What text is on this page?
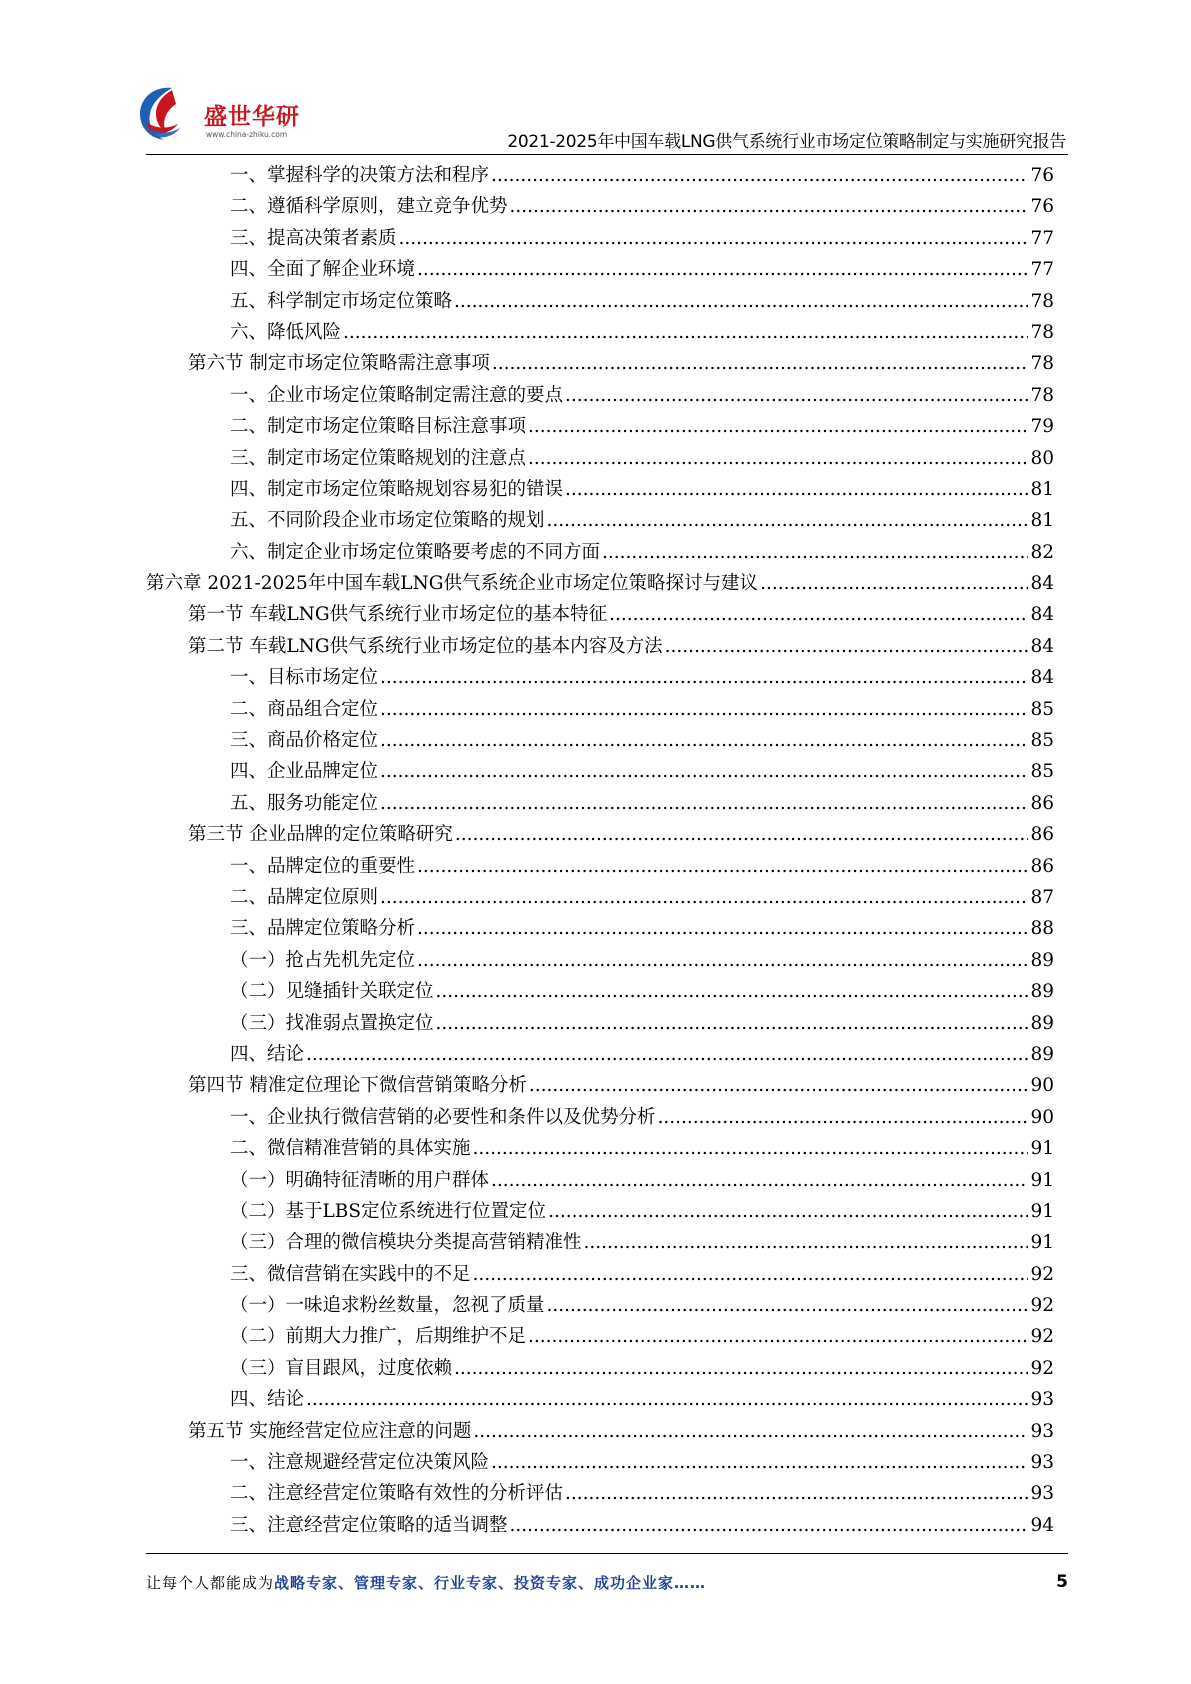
盛世华研
www.china-zhiku.com	2021-2025年中国车载LNG供气系统行业市场定位策略制定与实施研究报告
一、掌握科学的决策方法和程序 .....	76
二、遵循科学原则，建立竞争优势 .....	76
三、提高决策者素质 .....	77
四、全面了解企业环境 .....	77
五、科学制定市场定位策略 .....	78
六、降低风险 .....	78
第六节 制定市场定位策略需注意事项 .....	78
一、企业市场定位策略制定需注意的要点 .....	78
二、制定市场定位策略目标注意事项 .....	79
三、制定市场定位策略规划的注意点 .....	80
四、制定市场定位策略规划容易犯的错误 .....	81
五、不同阶段企业市场定位策略的规划 .....	81
六、制定企业市场定位策略要考虑的不同方面 .....	82
第六章 2021-2025年中国车载LNG供气系统企业市场定位策略探讨与建议 .....	84
第一节 车载LNG供气系统行业市场定位的基本特征 .....	84
第二节 车载LNG供气系统行业市场定位的基本内容及方法 .....	84
一、目标市场定位 .....	84
二、商品组合定位 .....	85
三、商品价格定位 .....	85
四、企业品牌定位 .....	85
五、服务功能定位 .....	86
第三节 企业品牌的定位策略研究 .....	86
一、品牌定位的重要性 .....	86
二、品牌定位原则 .....	87
三、品牌定位策略分析 .....	88
（一）抢占先机先定位 .....	89
（二）见缝插针关联定位 .....	89
（三）找准弱点置换定位 .....	89
四、结论 .....	89
第四节 精准定位理论下微信营销策略分析 .....	90
一、企业执行微信营销的必要性和条件以及优势分析 .....	90
二、微信精准营销的具体实施 .....	91
（一）明确特征清晰的用户群体 .....	91
（二）基于LBS定位系统进行位置定位 .....	91
（三）合理的微信模块分类提高营销精准性 .....	91
三、微信营销在实践中的不足 .....	92
（一）一味追求粉丝数量，忽视了质量 .....	92
（二）前期大力推广，后期维护不足 .....	92
（三）盲目跟风，过度依赖 .....	92
四、结论 .....	93
第五节 实施经营定位应注意的问题 .....	93
一、注意规避经营定位决策风险 .....	93
二、注意经营定位策略有效性的分析评估 .....	93
三、注意经营定位策略的适当调整 .....	94
让每个人都能成为战略专家、管理专家、行业专家、投资专家、成功企业家……	5
